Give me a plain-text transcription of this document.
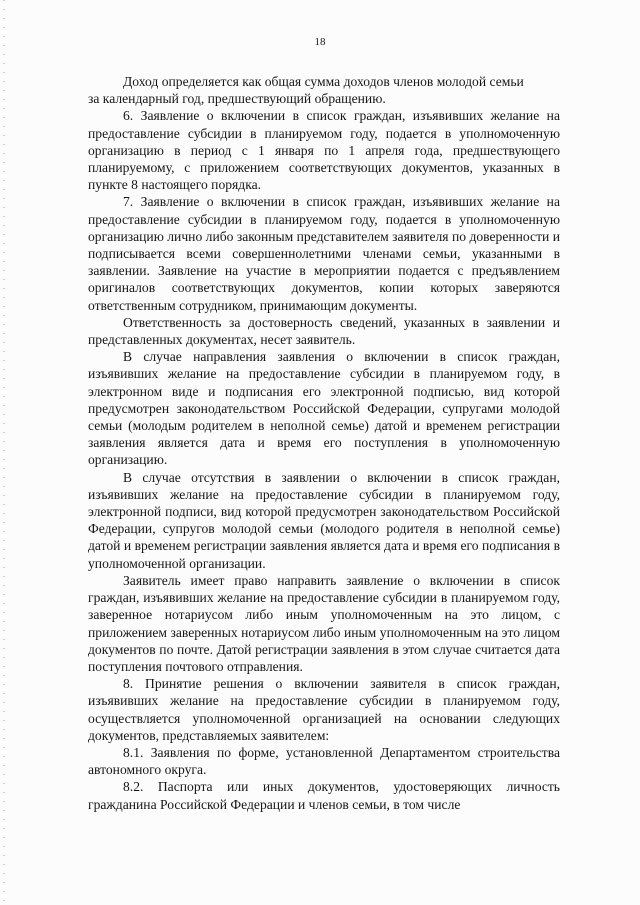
18

Доход определяется как общая сумма доходов членов молодой семьи

за календарный год, предшествующий обращению.

6. Заявление о включении в список граждан, изъявивших желание на предоставление субсидии в планируемом году, подается в уполномоченную организацию в период с 1 января по 1 апреля года, предшествующего планируемому, с приложением соответствующих документов, указанных в пункте 8 настоящего порядка.

7. Заявление о включении в список граждан, изъявивших желание на предоставление субсидии в планируемом году, подается в уполномоченную организацию лично либо законным представителем заявителя по доверенности и подписывается всеми совершеннолетними членами семьи, указанными в заявлении. Заявление на участие в мероприятии подается с предъявлением оригиналов соответствующих документов, копии которых заверяются ответственным сотрудником, принимающим документы.

Ответственность за достоверность сведений, указанных в заявлении и представленных документах, несет заявитель.

В случае направления заявления о включении в список граждан, изъявивших желание на предоставление субсидии в планируемом году, в электронном виде и подписания его электронной подписью, вид которой предусмотрен законодательством Российской Федерации, супругами молодой семьи (молодым родителем в неполной семье) датой и временем регистрации заявления является дата и время его поступления в уполномоченную организацию.

В случае отсутствия в заявлении о включении в список граждан, изъявивших желание на предоставление субсидии в планируемом году, электронной подписи, вид которой предусмотрен законодательством Российской Федерации, супругов молодой семьи (молодого родителя в неполной семье) датой и временем регистрации заявления является дата и время его подписания в уполномоченной организации.

Заявитель имеет право направить заявление о включении в список граждан, изъявивших желание на предоставление субсидии в планируемом году, заверенное нотариусом либо иным уполномоченным на это лицом, с приложением заверенных нотариусом либо иным уполномоченным на это лицом документов по почте. Датой регистрации заявления в этом случае считается дата поступления почтового отправления.

8. Принятие решения о включении заявителя в список граждан, изъявивших желание на предоставление субсидии в планируемом году, осуществляется уполномоченной организацией на основании следующих документов, представляемых заявителем:

8.1. Заявления по форме, установленной Департаментом строительства автономного округа.

8.2. Паспорта или иных документов, удостоверяющих личность гражданина Российской Федерации и членов семьи, в том числе
